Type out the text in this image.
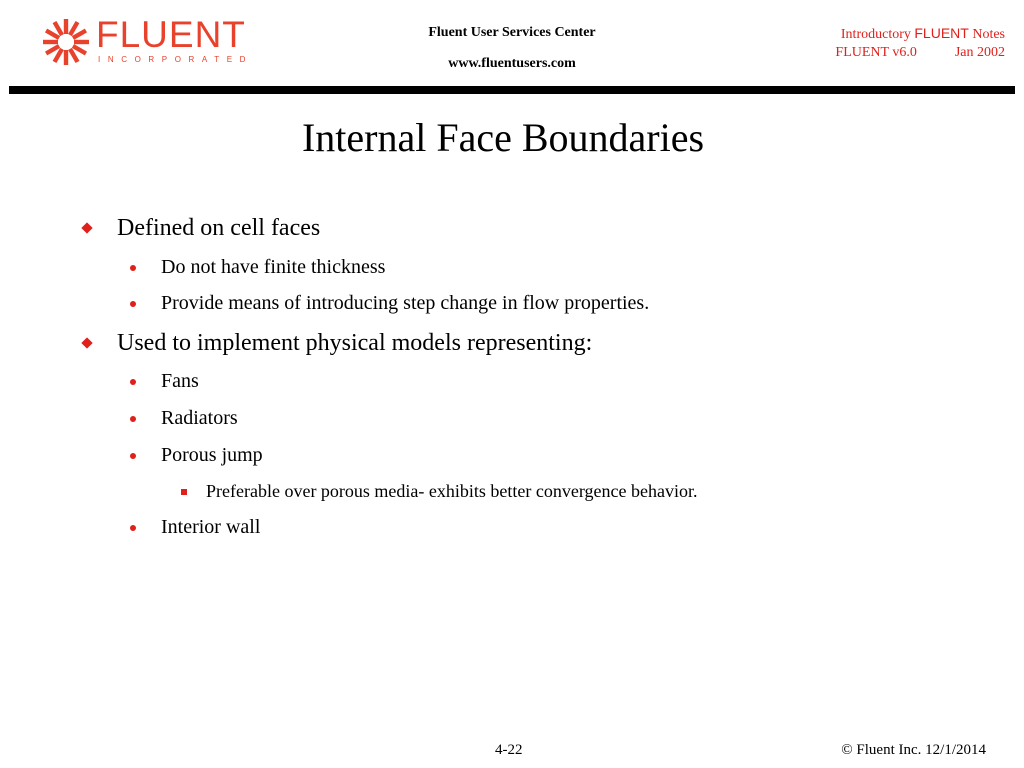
FLUENT
INCORPORATED
Fluent User Services Center
www.fluentusers.com
Introductory FLUENT Notes
FLUENT v6.0	Jan 2002
Internal Face Boundaries
Defined on cell faces
Do not have finite thickness
Provide means of introducing step change in flow properties.
Used to implement physical models representing:
Fans
Radiators
Porous jump
Preferable over porous media- exhibits better convergence behavior.
Interior wall
4-22	© Fluent Inc. 12/1/2014
